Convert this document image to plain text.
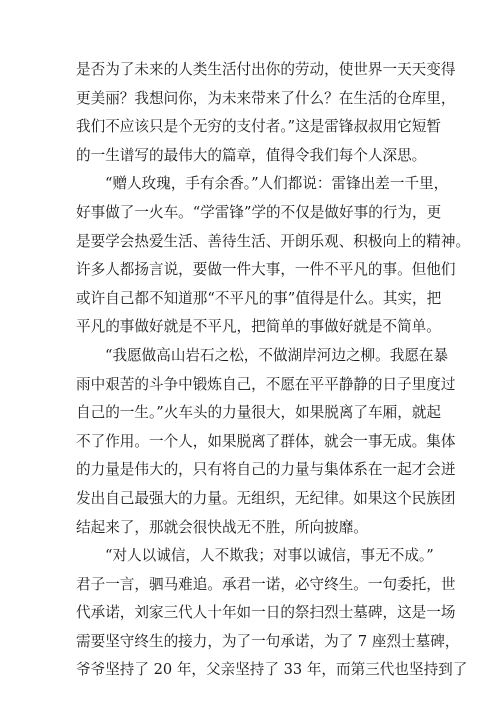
是否为了未来的人类生活付出你的劳动，使世界一天天变得
更美丽？我想问你，为未来带来了什么？在生活的仓库里，
我们不应该只是个无穷的支付者。”这是雷锋叔叔用它短暂
的一生谱写的最伟大的篇章，值得令我们每个人深思。
“赠人玫瑰，手有余香。”人们都说：雷锋出差一千里，
好事做了一火车。“学雷锋”学的不仅是做好事的行为，更
是要学会热爱生活、善待生活、开朗乐观、积极向上的精神。
许多人都扬言说，要做一件大事，一件不平凡的事。但他们
或许自己都不知道那“不平凡的事”值得是什么。其实，把
平凡的事做好就是不平凡，把简单的事做好就是不简单。
“我愿做高山岩石之松，不做湖岸河边之柳。我愿在暴
雨中艰苦的斗争中锻炼自己，不愿在平平静静的日子里度过
自己的一生。”火车头的力量很大，如果脱离了车厢，就起
不了作用。一个人，如果脱离了群体，就会一事无成。集体
的力量是伟大的，只有将自己的力量与集体系在一起才会迸
发出自己最强大的力量。无组织，无纪律。如果这个民族团
结起来了，那就会很快战无不胜，所向披靡。
“对人以诚信，人不欺我；对事以诚信，事无不成。”
君子一言，驷马难追。承君一诺，必守终生。一句委托，世
代承诺，刘家三代人十年如一日的祭扫烈士墓碑，这是一场
需要坚守终生的接力，为了一句承诺，为了 7 座烈士墓碑，
爷爷坚持了 20 年，父亲坚持了 33 年，而第三代也坚持到了
